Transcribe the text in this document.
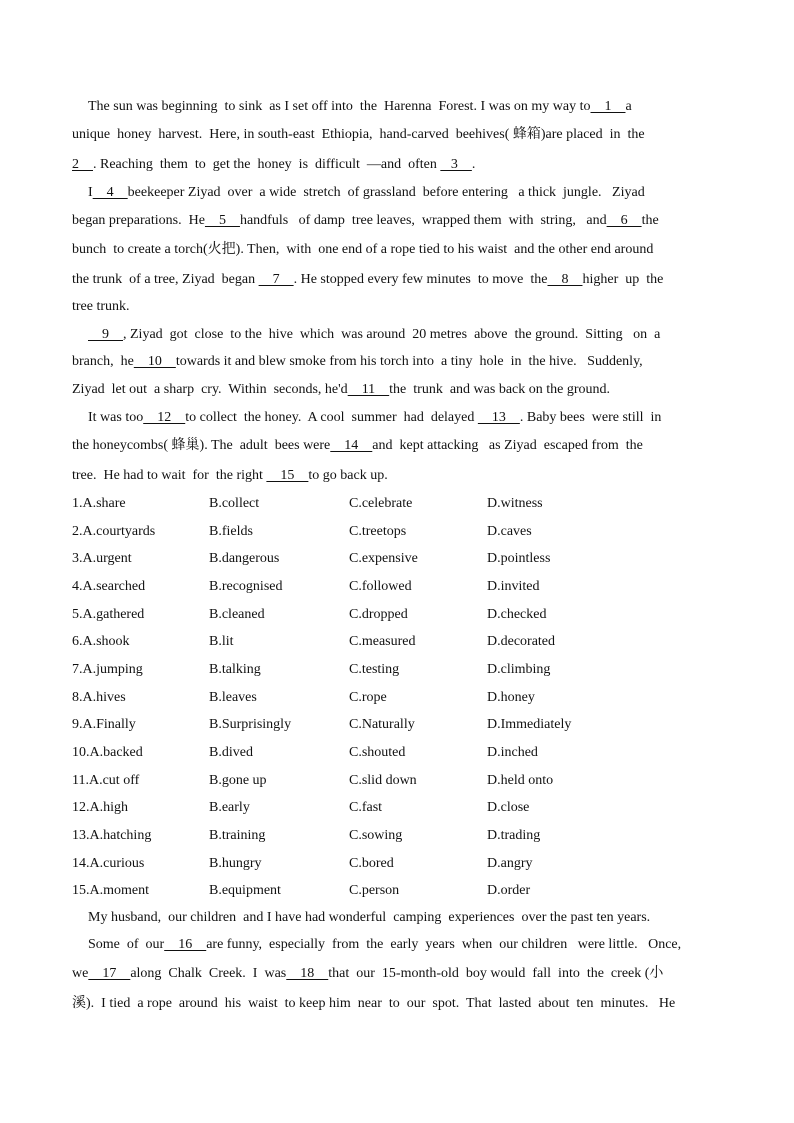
The sun was beginning  to sink  as I set off into  the  Harenna  Forest. I was on my way to    1    a
unique  honey  harvest.  Here, in south-east  Ethiopia,  hand-carved  beehives( 蜂箱)are placed  in  the
2    . Reaching  them  to  get the  honey  is  difficult  —and  often    3    .
I    4    beekeeper Ziyad  over  a wide  stretch  of grassland  before entering   a thick  jungle.   Ziyad
began preparations.  He    5    handfuls   of damp  tree leaves,  wrapped them  with  string,   and    6    the
bunch  to create a torch(火把). Then,  with  one end of a rope tied to his waist  and the other end around
the trunk  of a tree, Ziyad  began     7    . He stopped every few minutes  to move  the    8    higher  up  the
tree trunk.
9    , Ziyad  got  close  to the  hive  which  was around  20 metres  above  the ground.  Sitting   on  a
branch,  he    10    towards it and blew smoke from his torch into  a tiny  hole  in  the hive.   Suddenly,
Ziyad  let out  a sharp  cry.  Within  seconds, he'd    11    the  trunk  and was back on the ground.
It was too    12    to collect  the honey.  A cool  summer  had  delayed     13    . Baby bees  were still  in
the honeycombs( 蜂巢). The  adult  bees were    14    and  kept attacking   as Ziyad  escaped from  the
tree.  He had to wait  for  the right     15    to go back up.
1.A.share	B.collect	C.celebrate	D.witness
2.A.courtyards	B.fields	C.treetops	D.caves
3.A.urgent	B.dangerous	C.expensive	D.pointless
4.A.searched	B.recognised	C.followed	D.invited
5.A.gathered	B.cleaned	C.dropped	D.checked
6.A.shook	B.lit	C.measured	D.decorated
7.A.jumping	B.talking	C.testing	D.climbing
8.A.hives	B.leaves	C.rope	D.honey
9.A.Finally	B.Surprisingly	C.Naturally	D.Immediately
10.A.backed	B.dived	C.shouted	D.inched
11.A.cut off	B.gone up	C.slid down	D.held onto
12.A.high	B.early	C.fast	D.close
13.A.hatching	B.training	C.sowing	D.trading
14.A.curious	B.hungry	C.bored	D.angry
15.A.moment	B.equipment	C.person	D.order
My husband,  our children  and I have had wonderful  camping  experiences  over the past ten years.
Some  of  our    16    are funny,  especially  from  the  early  years  when  our children   were little.   Once,
we    17    along  Chalk  Creek.  I  was    18    that  our  15-month-old  boy would  fall  into  the  creek (小
溪).  I tied  a rope  around  his  waist  to keep him  near  to  our  spot.  That  lasted  about  ten  minutes.   He
